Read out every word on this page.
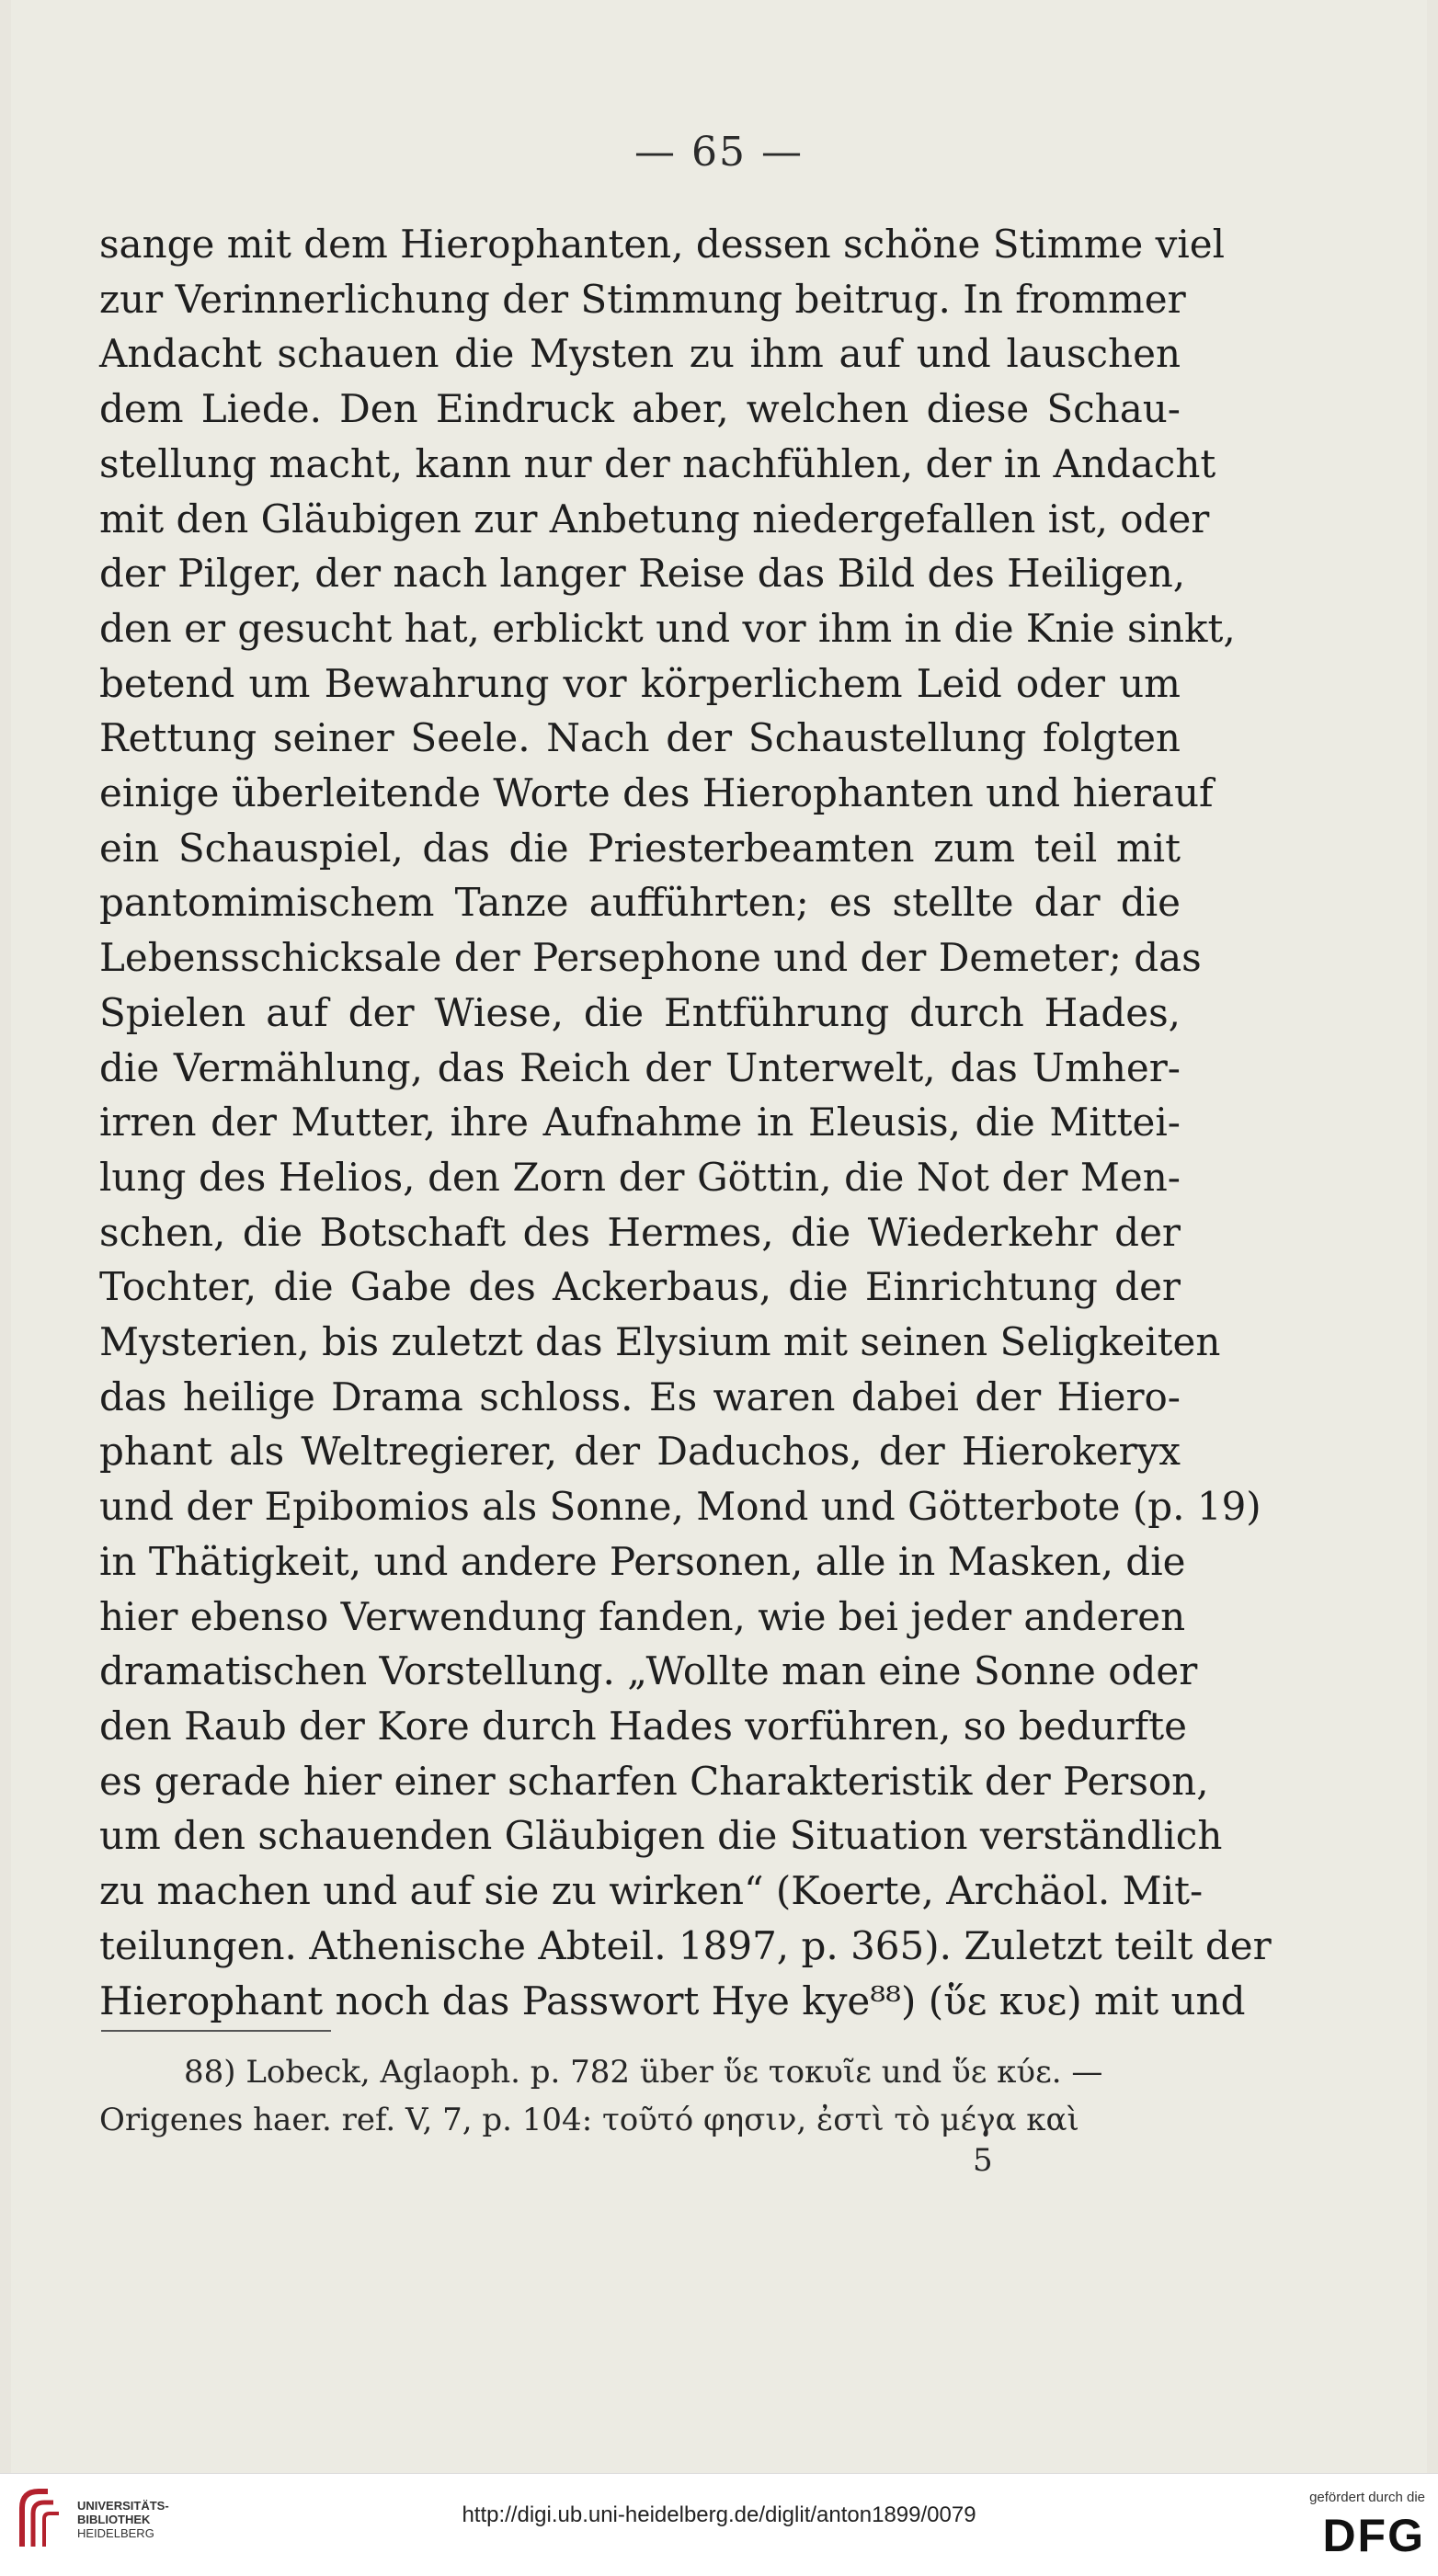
— 65 —
sange mit dem Hierophanten, dessen schöne Stimme viel
zur Verinnerlichung der Stimmung beitrug. In frommer
Andacht schauen die Mysten zu ihm auf und lauschen
dem Liede. Den Eindruck aber, welchen diese Schau-
stellung macht, kann nur der nachfühlen, der in Andacht
mit den Gläubigen zur Anbetung niedergefallen ist, oder
der Pilger, der nach langer Reise das Bild des Heiligen,
den er gesucht hat, erblickt und vor ihm in die Knie sinkt,
betend um Bewahrung vor körperlichem Leid oder um
Rettung seiner Seele. Nach der Schaustellung folgten
einige überleitende Worte des Hierophanten und hierauf
ein Schauspiel, das die Priesterbeamten zum teil mit
pantomimischem Tanze aufführten; es stellte dar die
Lebensschicksale der Persephone und der Demeter; das
Spielen auf der Wiese, die Entführung durch Hades,
die Vermählung, das Reich der Unterwelt, das Umher-
irren der Mutter, ihre Aufnahme in Eleusis, die Mittei-
lung des Helios, den Zorn der Göttin, die Not der Men-
schen, die Botschaft des Hermes, die Wiederkehr der
Tochter, die Gabe des Ackerbaus, die Einrichtung der
Mysterien, bis zuletzt das Elysium mit seinen Seligkeiten
das heilige Drama schloss. Es waren dabei der Hiero-
phant als Weltregierer, der Daduchos, der Hierokeryx
und der Epibomios als Sonne, Mond und Götterbote (p. 19)
in Thätigkeit, und andere Personen, alle in Masken, die
hier ebenso Verwendung fanden, wie bei jeder anderen
dramatischen Vorstellung. „Wollte man eine Sonne oder
den Raub der Kore durch Hades vorführen, so bedurfte
es gerade hier einer scharfen Charakteristik der Person,
um den schauenden Gläubigen die Situation verständlich
zu machen und auf sie zu wirken“ (Koerte, Archäol. Mit-
teilungen. Athenische Abteil. 1897, p. 365). Zuletzt teilt der
Hierophant noch das Passwort Hye kye⁸⁸) (ὕε κυε) mit und
88) Lobeck, Aglaoph. p. 782 über ὕε τοκυῖε und ὕε κύε. —
Origenes haer. ref. V, 7, p. 104: τοῦτό φησιν, ἐστὶ τὸ μέγα καὶ
5
UNIVERSITÄTS-
BIBLIOTHEK
HEIDELBERG
http://digi.ub.uni-heidelberg.de/diglit/anton1899/0079
gefördert durch die
DFG
